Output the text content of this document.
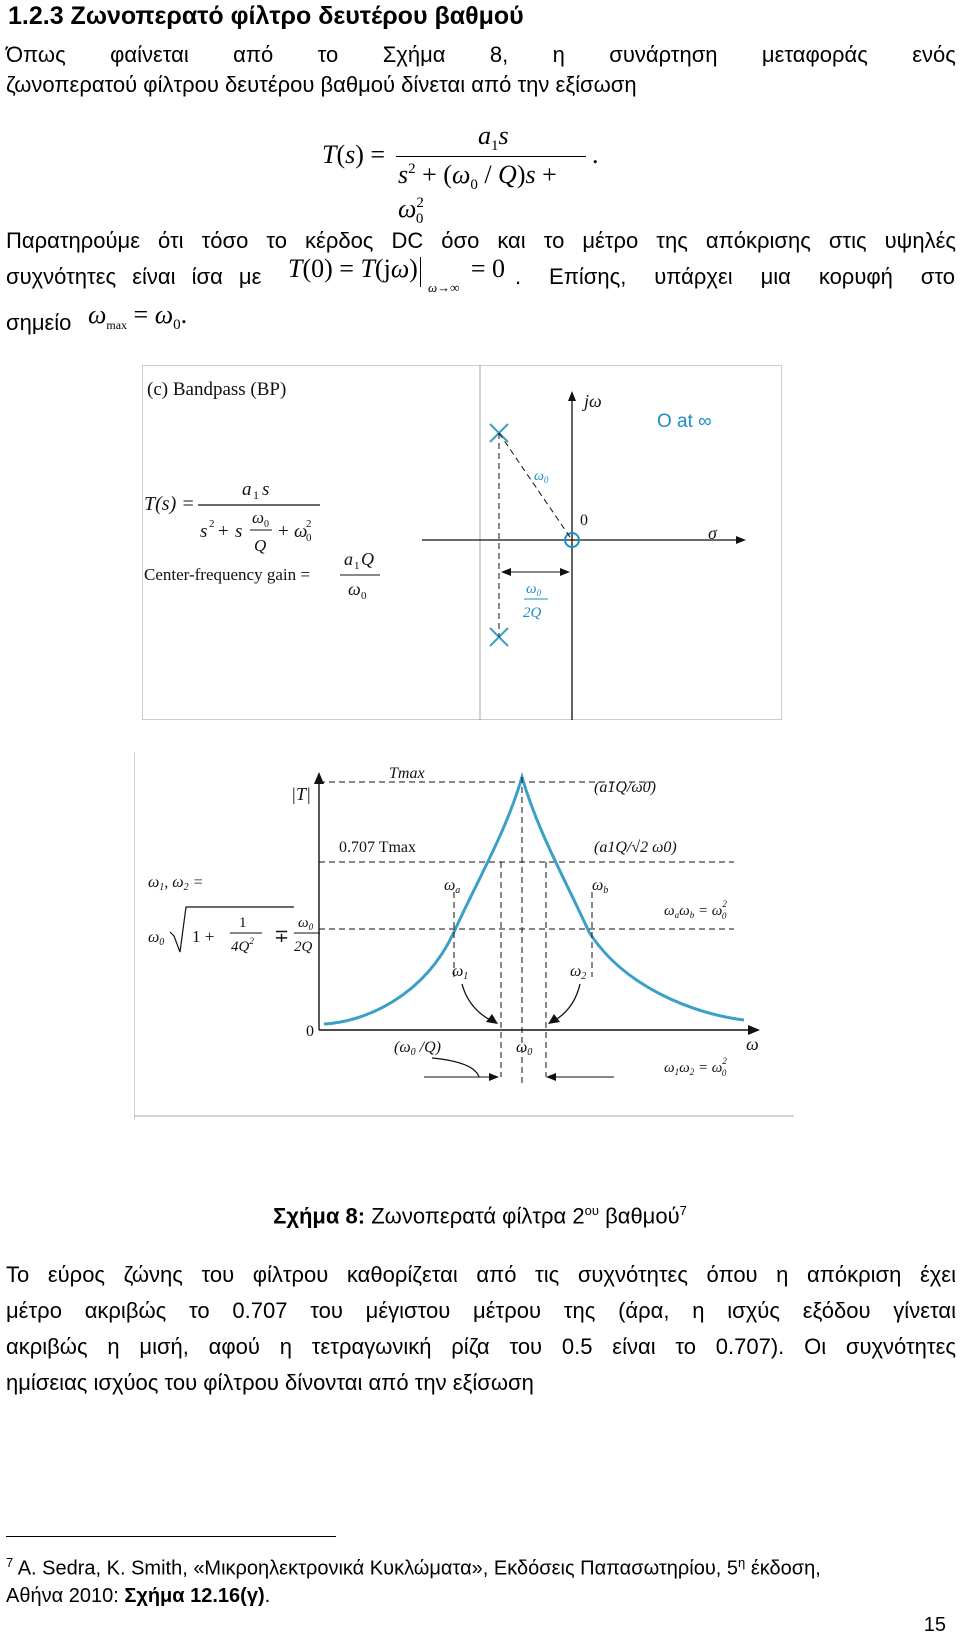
1.2.3 Ζωνοπερατό φίλτρο δευτέρου βαθμού
Όπως φαίνεται από το Σχήμα 8, η συνάρτηση μεταφοράς ενός
ζωνοπερατού φίλτρου δευτέρου βαθμού δίνεται από την εξίσωση
T(s) =
$a_1s$
$s^2 + (\omega_0 / Q)s + \omega^2_0$
.
Παρατηρούμε ότι τόσο το κέρδος DC όσο και το μέτρο της απόκρισης στις υψηλές
συχνότητες είναι ίσα με	T(0) = T(jω) = 0
ω→∞	. Επίσης, υπάρχει μια κορυφή στο
σημείο $\omega_{max} = \omega_0$.
(c) Bandpass (BP)
T(s) =
a 1 s
s 2 + s
ω 0
Q
+ ω
2
0
Center-frequency gain =
a 1 Q
ω 0
jω
σ
0
O at ∞
$\omega_0$
$\omega_0$
2Q
|T|
ω
0
Tmax
(a1Q/ω0)
0.707 Tmax	(a1Q/√2 ω0)
ωa	ωb
$\omega_a\omega_b = \omega^2$ 0
ω1	ω2
ω0
ω1, ω2 =
ω0 1 +
1
$4Q^2$ ∓
$\omega_0$
2Q
(ω0 /Q)
$\omega_1\omega_2 = \omega^2$ 0
Σχήμα 8: Ζωνοπερατά φίλτρα $2^{o\upsilon}$ βαθμού$^7$
Το εύρος ζώνης του φίλτρου καθορίζεται από τις συχνότητες όπου η απόκριση έχει
μέτρο ακριβώς το 0.707 του μέγιστου μέτρου της (άρα, η ισχύς εξόδου γίνεται
ακριβώς η μισή, αφού η τετραγωνική ρίζα του 0.5 είναι το 0.707). Οι συχνότητες
ημίσειας ισχύος του φίλτρου δίνονται από την εξίσωση
$^7$ A. Sedra, K. Smith, «Μικροηλεκτρονικά Κυκλώματα», Εκδόσεις Παπασωτηρίου, $5^\eta$ έκδοση,
Αθήνα 2010: Σχήμα 12.16(γ).
15
